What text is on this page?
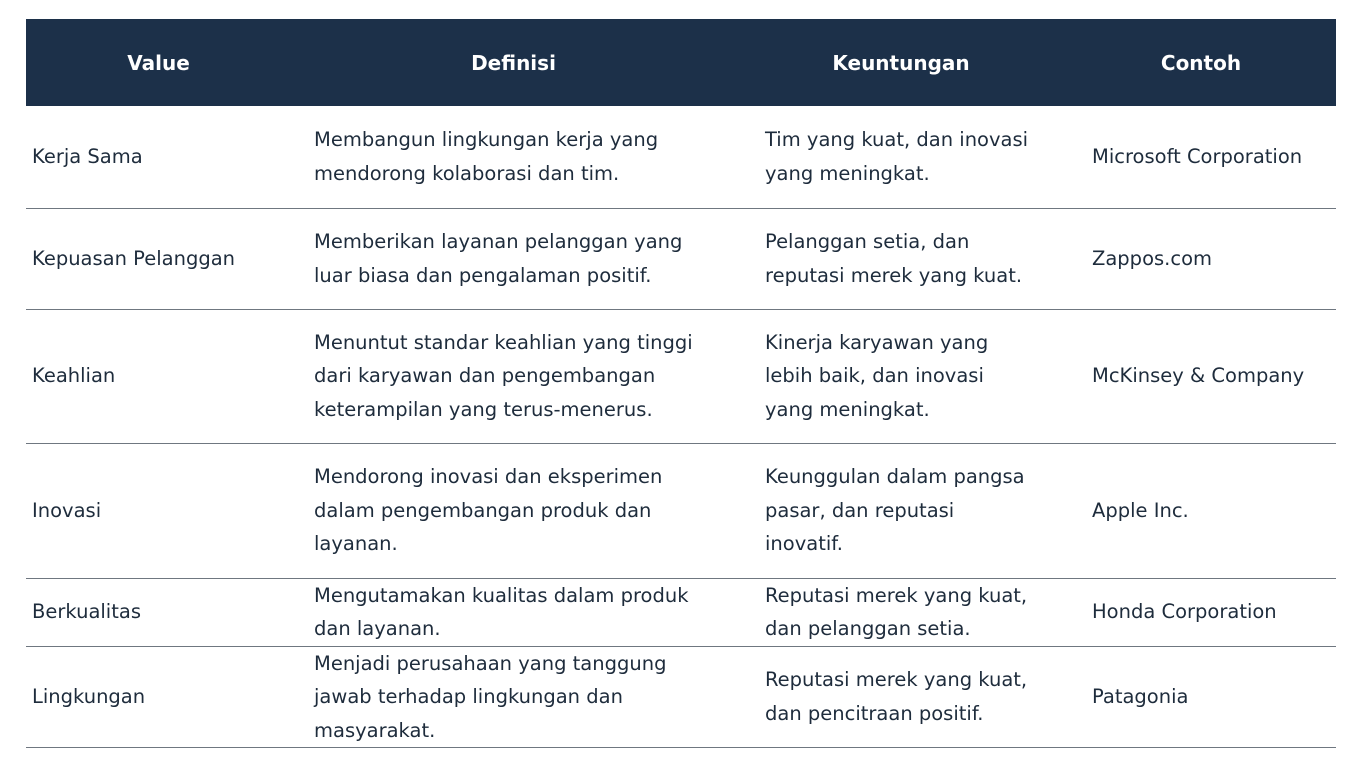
Value	Definisi	Keuntungan	Contoh
Kerja Sama	Membangun lingkungan kerja yang mendorong kolaborasi dan tim.	Tim yang kuat, dan inovasi yang meningkat.	Microsoft Corporation
Kepuasan Pelanggan	Memberikan layanan pelanggan yang luar biasa dan pengalaman positif.	Pelanggan setia, dan reputasi merek yang kuat.	Zappos.com
Keahlian	Menuntut standar keahlian yang tinggi dari karyawan dan pengembangan keterampilan yang terus-menerus.	Kinerja karyawan yang lebih baik, dan inovasi yang meningkat.	McKinsey & Company
Inovasi	Mendorong inovasi dan eksperimen dalam pengembangan produk dan layanan.	Keunggulan dalam pangsa pasar, dan reputasi inovatif.	Apple Inc.
Berkualitas	Mengutamakan kualitas dalam produk dan layanan.	Reputasi merek yang kuat, dan pelanggan setia.	Honda Corporation
Lingkungan	Menjadi perusahaan yang tanggung jawab terhadap lingkungan dan masyarakat.	Reputasi merek yang kuat, dan pencitraan positif.	Patagonia
